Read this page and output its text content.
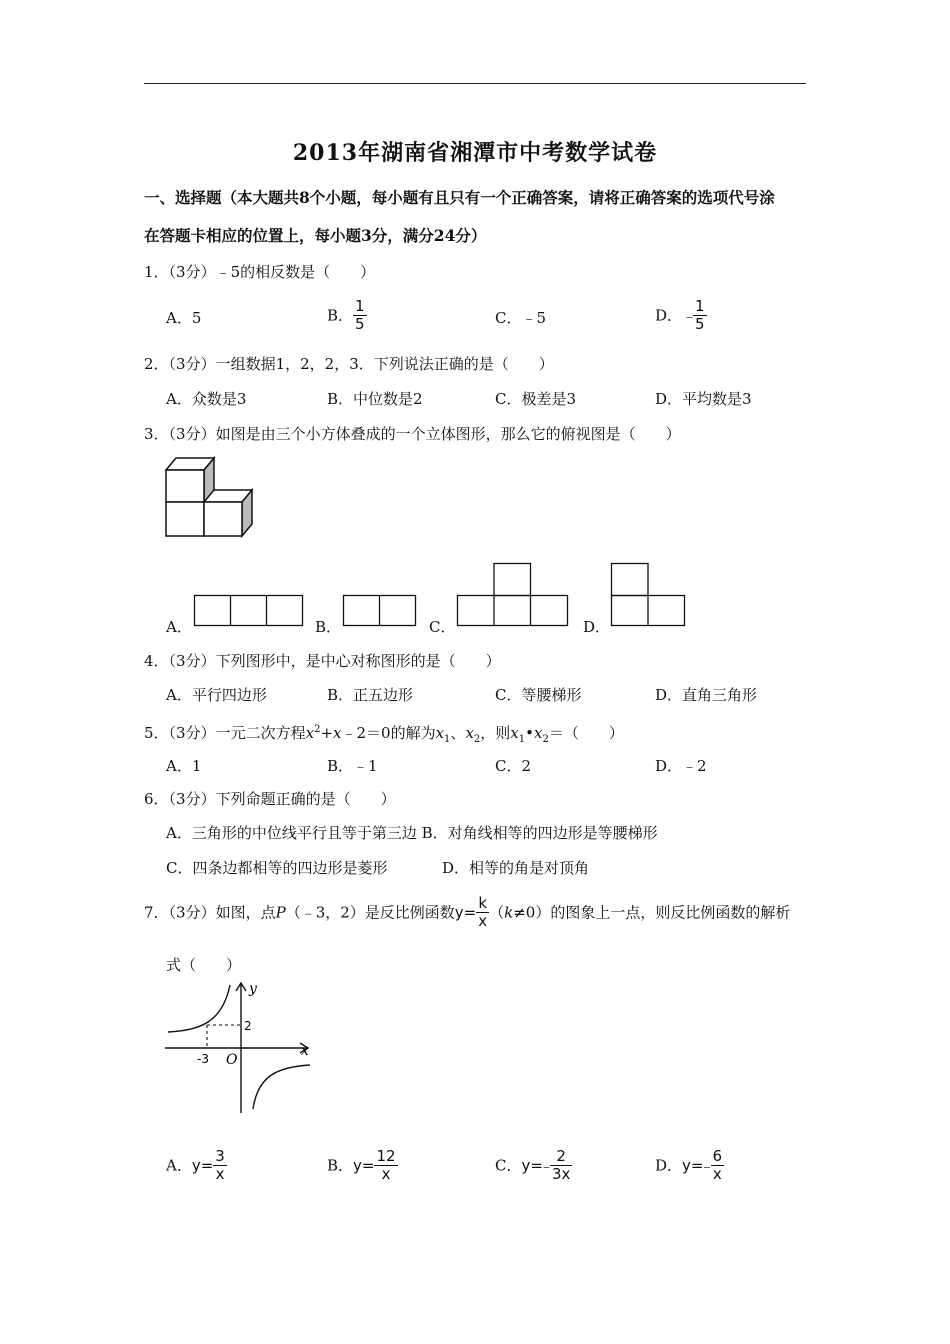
2013年湖南省湘潭市中考数学试卷
一、选择题（本大题共8个小题，每小题有且只有一个正确答案，请将正确答案的选项代号涂
在答题卡相应的位置上，每小题3分，满分24分）
1．（3分）﹣5的相反数是（　　）
A．5	B． $\frac{1}{5}$	C．﹣5	D．﹣
$\frac{1}{5}$
2．（3分）一组数据1，2，2，3．下列说法正确的是（　　）
A．众数是3	B．中位数是2	C．极差是3	D．平均数是3
3．（3分）如图是由三个小方体叠成的一个立体图形，那么它的俯视图是（　　）
A．	B．	C．	D．
4．（3分）下列图形中，是中心对称图形的是（　　）
A．平行四边形	B．正五边形	C．等腰梯形	D．直角三角形
5．（3分）一元二次方程$x^2+x﹣2=0$的解为$x_1$、$x_2$，则$x_1•x_2=$（　　）
A．1	B．﹣1	C．2	D．﹣2
6．（3分）下列命题正确的是（　　）
A．三角形的中位线平行且等于第三边 B．对角线相等的四边形是等腰梯形
C．四条边都相等的四边形是菱形	D．相等的角是对顶角
7．（3分）如图，点P（﹣3，2）是反比例函数$y= \frac{k}{x} (k\ne 0)$的图象上一点，则反比例函数的解析
式（　　）
y
x
O
-3
2
A．$y= \frac{3}{x}$	B．$y= \frac{12}{x}$	C．y=﹣
$\frac{2}{3x}$	D．y=﹣
$\frac{6}{x}$
